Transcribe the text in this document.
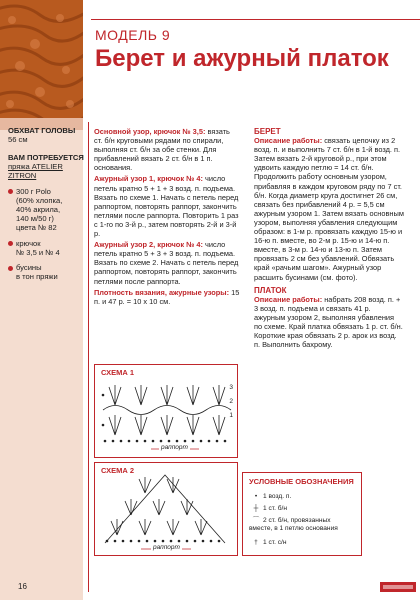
ОБХВАТ ГОЛОВЫ
56 см
ВАМ ПОТРЕБУЕТСЯ
пряжа ATELIER ZITRON
300 г Polo
(60% хлопка,
40% акрила,
140 м/50 г)
цвета № 82
крючок
№ 3,5 и № 4
бусины
в тон пряжи
МОДЕЛЬ 9
Берет и ажурный платок

Основной узор, крючок № 3,5: вязать ст. б/н круговыми рядами по спирали, выполняя ст. б/н за обе стенки. Для прибавлений вязать 2 ст. б/н в 1 п. основания.

Ажурный узор 1, крючок № 4: число петель кратно 5 + 1 + 3 возд. п. подъема. Вязать по схеме 1. Начать с петель перед раппортом, повторять раппорт, закончить петлями после раппорта. Повторить 1 раз с 1-го по 3-й р., затем повторять 2-й и 3-й р.

Ажурный узор 2, крючок № 4: число петель кратно 5 + 3 + 3 возд. п. подъема. Вязать по схеме 2. Начать с петель перед раппортом, повторять раппорт, закончить петлями после раппорта.

Плотность вязания, ажурные узоры: 15 п. и 47 р. = 10 х 10 см.

БЕРЕТ

Описание работы: связать цепочку из 2 возд. п. и выполнить 7 ст. б/н в 1-й возд. п. Затем вязать 2-й круговой р., при этом удвоить каждую петлю = 14 ст. б/н. Продолжить работу основным узором, прибавляя в каждом круговом ряду по 7 ст. б/н. Когда диаметр круга достигнет 26 см, связать без прибавлений 4 р. = 5,5 см ажурным узором 1. Затем вязать основным узором, выполняя убавления следующим образом: в 1-м р. провязать каждую 15-ю и 16-ю п. вместе, во 2-м р. 15-ю и 14-ю п. вместе, в 3-м р. 14-ю и 13-ю п. Затем провязать 2 см без убавлений. Обвязать край «рачьим шагом». Ажурный узор расшить бусинами (см. фото).

ПЛАТОК

Описание работы: набрать 208 возд. п. + 3 возд. п. подъема и связать 41 р. ажурным узором 2, выполняя убавления по схеме. Край платка обвязать 1 р. ст. б/н. Короткие края обвязать 2 р. арок из возд. п. Выполнить бахрому.

СХЕМА 1
3
2
1
раппорт
СХЕМА 2
раппорт
УСЛОВНЫЕ ОБОЗНАЧЕНИЯ
• 1 возд. п.
┼ 1 ст. б/н
⌒ 2 ст. б/н, провязанных вместе, в 1 петлю основания
† 1 ст. с/н
16
